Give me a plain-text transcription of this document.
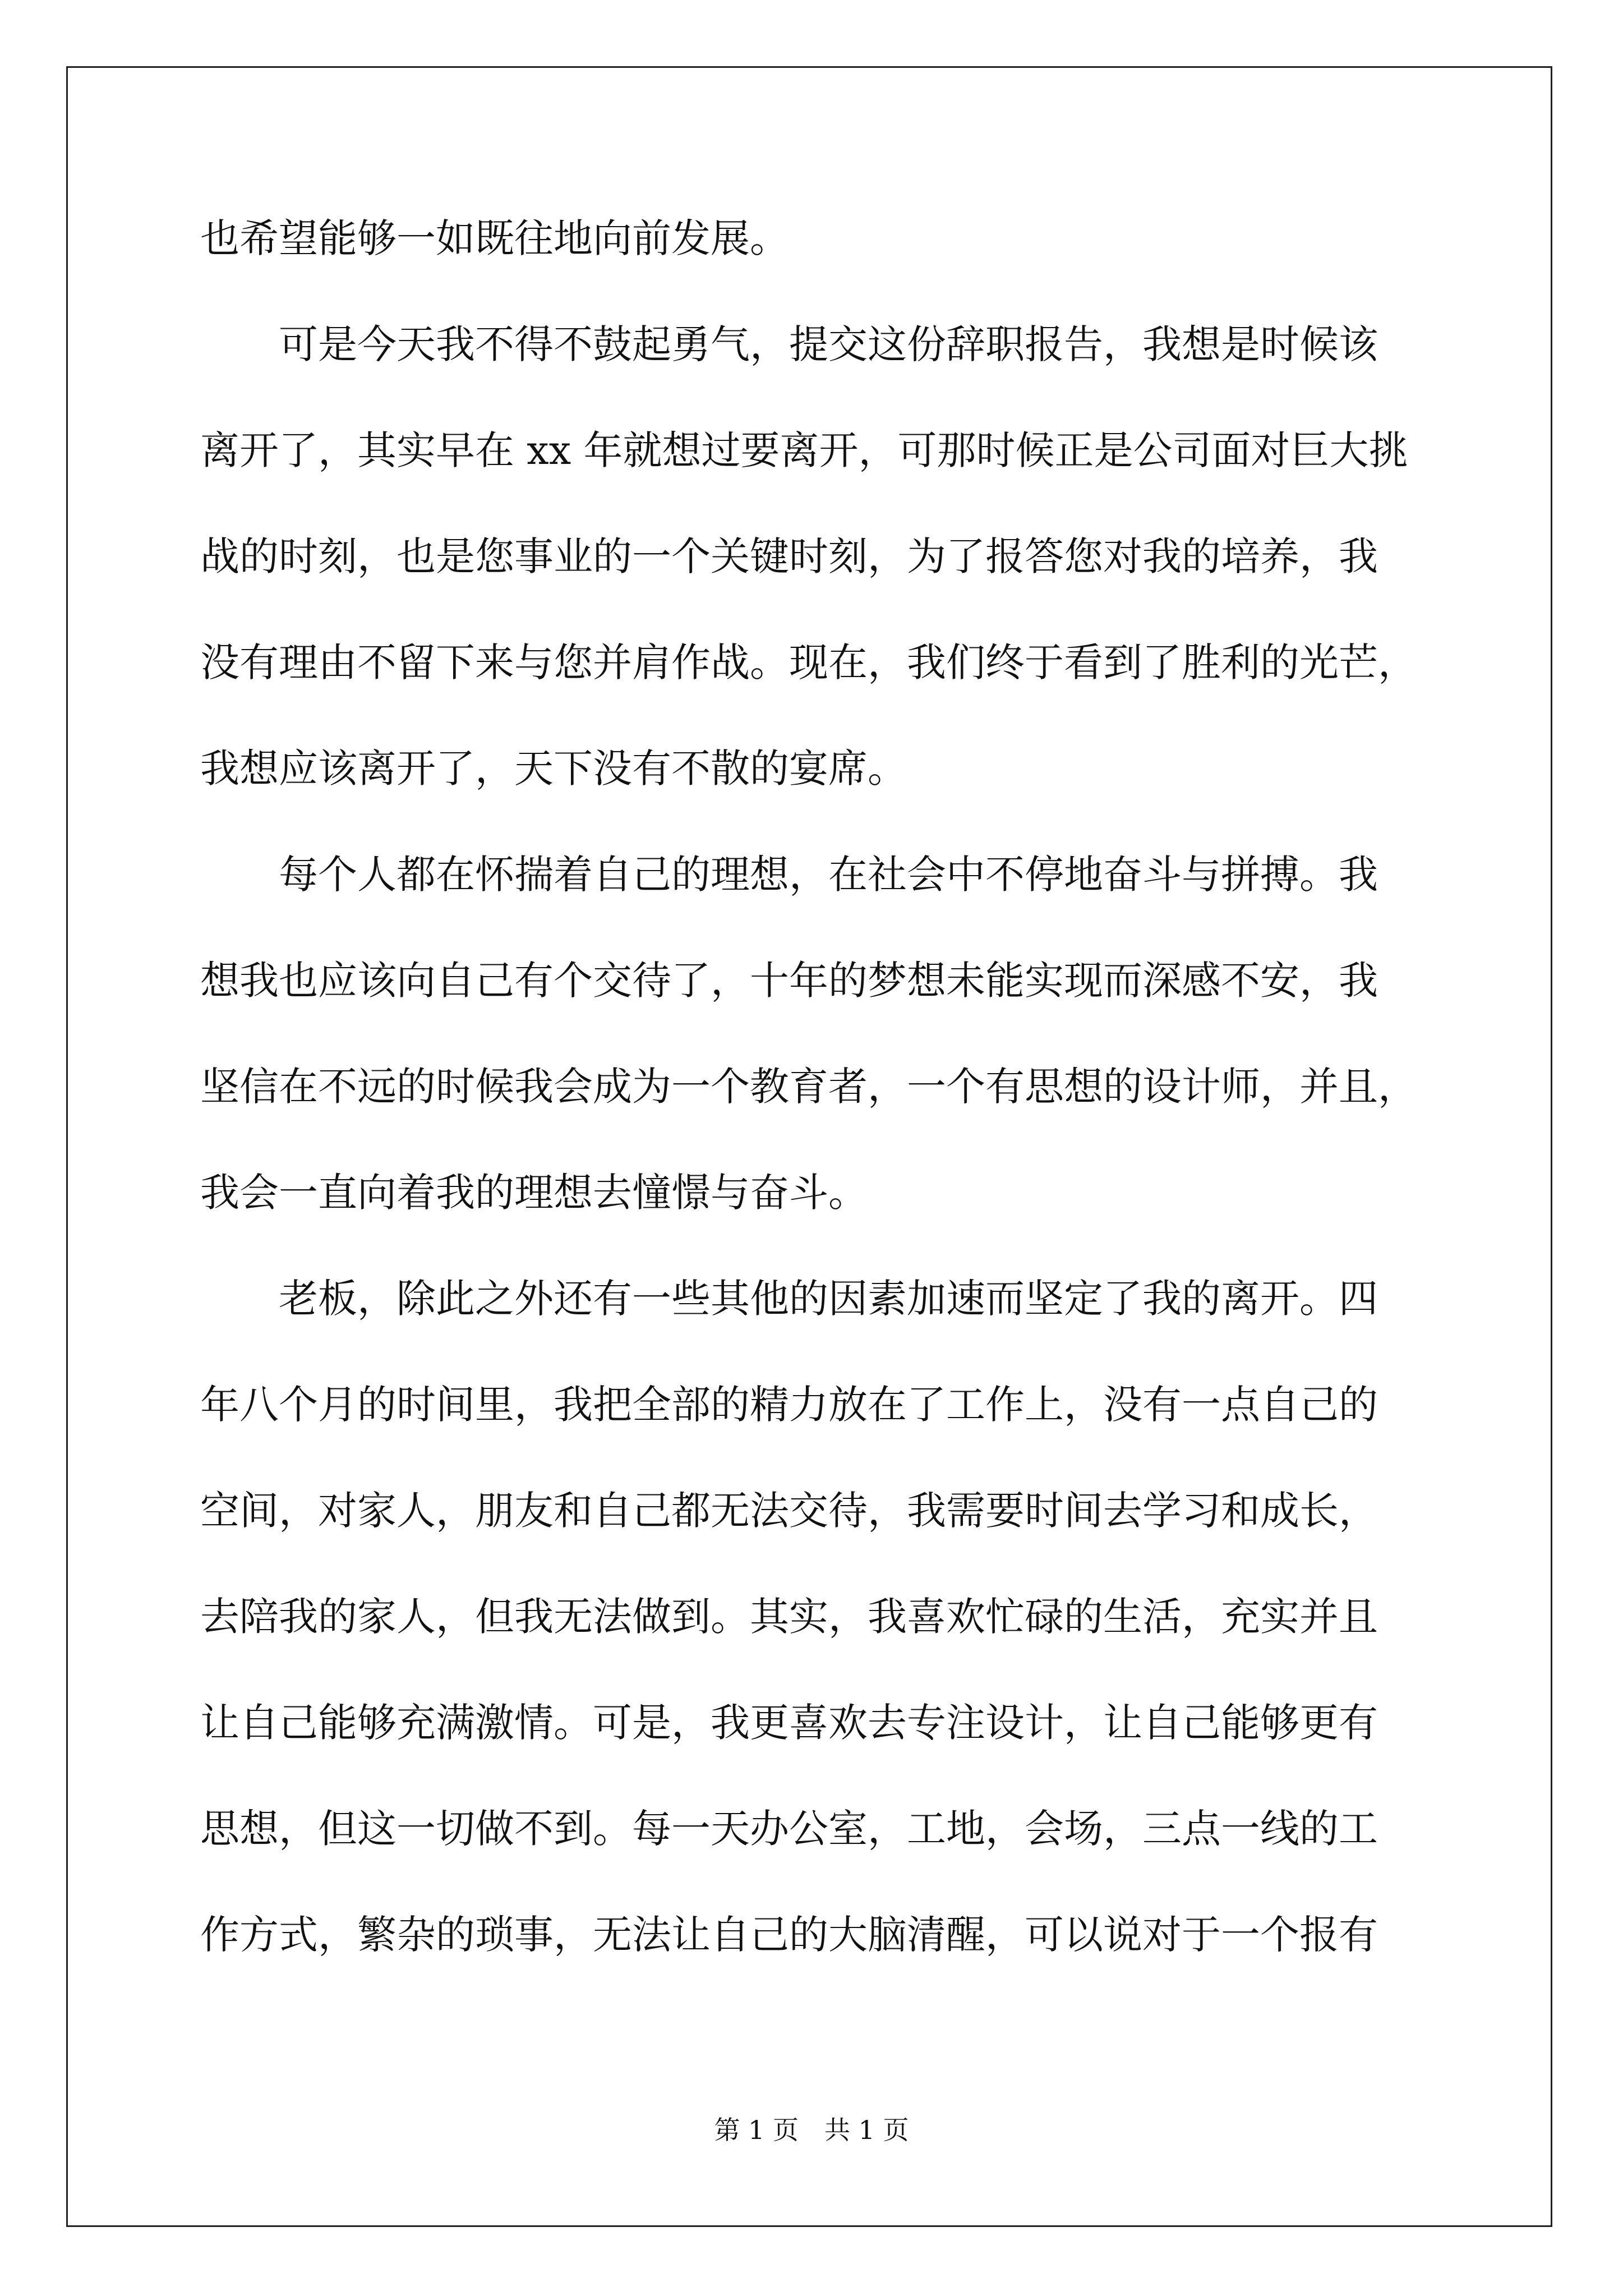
也希望能够一如既往地向前发展。
　　可是今天我不得不鼓起勇气，提交这份辞职报告，我想是时候该
离开了，其实早在 xx 年就想过要离开，可那时候正是公司面对巨大挑
战的时刻，也是您事业的一个关键时刻，为了报答您对我的培养，我
没有理由不留下来与您并肩作战。现在，我们终于看到了胜利的光芒，
我想应该离开了，天下没有不散的宴席。
　　每个人都在怀揣着自己的理想，在社会中不停地奋斗与拼搏。我
想我也应该向自己有个交待了，十年的梦想未能实现而深感不安，我
坚信在不远的时候我会成为一个教育者，一个有思想的设计师，并且，
我会一直向着我的理想去憧憬与奋斗。
　　老板，除此之外还有一些其他的因素加速而坚定了我的离开。四
年八个月的时间里，我把全部的精力放在了工作上，没有一点自己的
空间，对家人，朋友和自己都无法交待，我需要时间去学习和成长，
去陪我的家人，但我无法做到。其实，我喜欢忙碌的生活，充实并且
让自己能够充满激情。可是，我更喜欢去专注设计，让自己能够更有
思想，但这一切做不到。每一天办公室，工地，会场，三点一线的工
作方式，繁杂的琐事，无法让自己的大脑清醒，可以说对于一个报有
第 1 页　共 1 页
